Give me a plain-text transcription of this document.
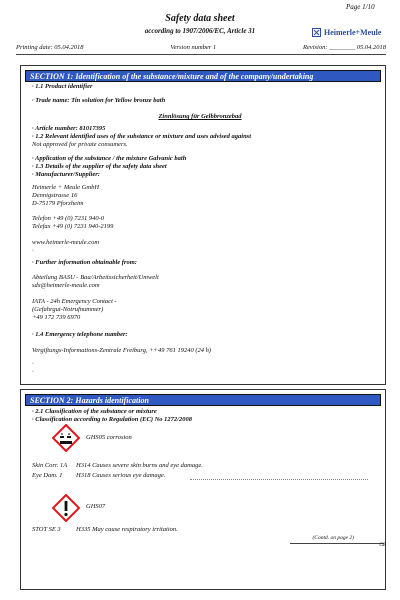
Page 1/10
Safety data sheet
according to 1907/2006/EC, Article 31	Heimerle+Meule
Printing date: 05.04.2018	Version number 1	Revision: ________ 05.04.2018
SECTION 1: Identification of the substance/mixture and of the company/undertaking
· 1.1 Product identifier
· Trade name: Tin solution for Yellow bronze bath
Zinnlösung für Gelbbronzebad
· Article number: 81017395
· 1.2 Relevant identified uses of the substance or mixture and uses advised against
Not approved for private consumers.
· Application of the substance / the mixture Galvanic bath
· 1.3 Details of the supplier of the safety data sheet
· Manufacturer/Supplier:
Heimerle + Meule GmbH
Dennigstrasse 16
D-75179 Pforzheim
Telefon +49 (0) 7231 940-0
Telefax +49 (0) 7231 940-2199
www.heimerle-meule.com
·
· Further information obtainable from:
Abteilung BASU - Bau/Arbeitssicherheit/Umwelt
sdx@heimerle-meule.com
IATA - 24h Emergency Contact -
(Gefahrgut-Notrufnummer)
+49 172 739 6970
· 1.4 Emergency telephone number:
Vergiftungs-Informations-Zentrale Freiburg, ++49 761 19240 (24 h)
·
·
SECTION 2: Hazards identification
· 2.1 Classification of the substance or mixture
· Classification according to Regulation (EC) No 1272/2008
GHS05 corrosion
Skin Corr. 1A H314 Causes severe skin burns and eye damage.
Eye Dam. 1 H318 Causes serious eye damage.
GHS07
STOT SE 3 H335 May cause respiratory irritation.
(Contd. on page 2)
GB
